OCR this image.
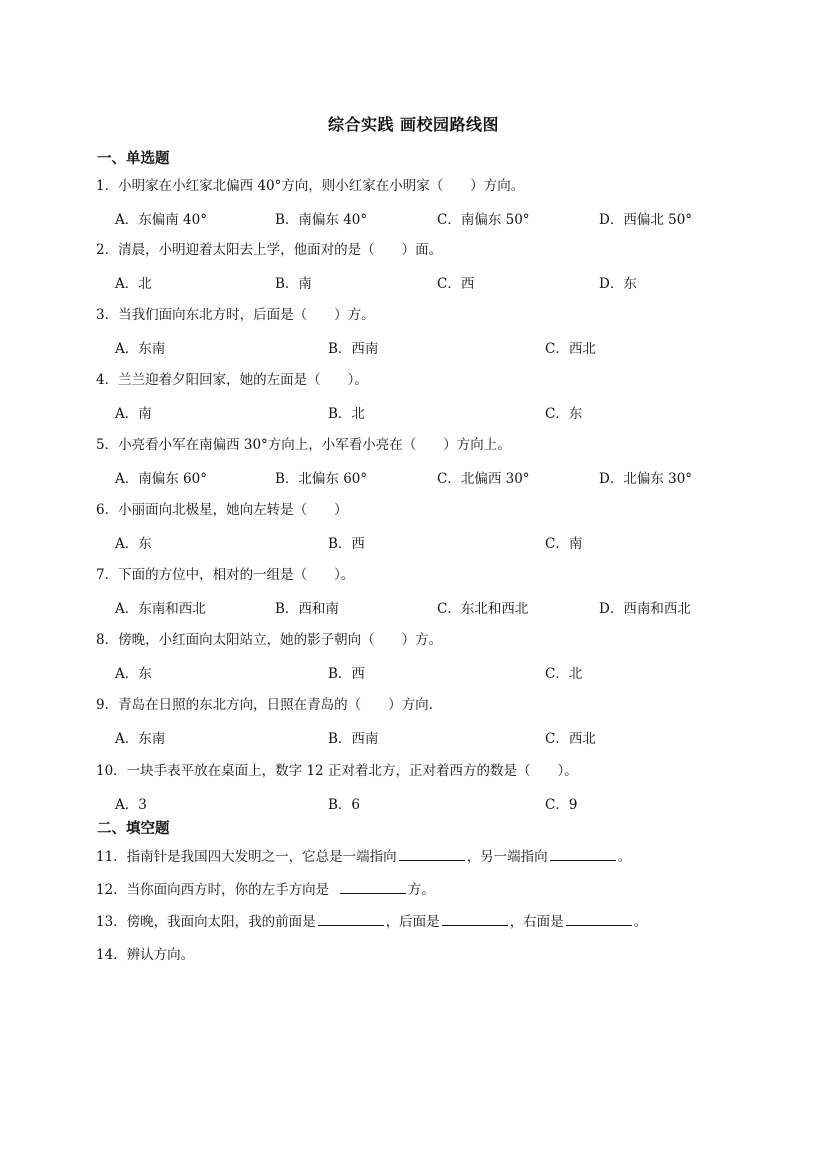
综合实践 画校园路线图
一、单选题
1．小明家在小红家北偏西 40°方向，则小红家在小明家（　　）方向。
A．东偏南 40°	B．南偏东 40°	C．南偏东 50°	D．西偏北 50°
2．清晨，小明迎着太阳去上学，他面对的是（　　）面。
A．北	B．南	C．西	D．东
3．当我们面向东北方时，后面是（　　）方。
A．东南	B．西南	C．西北
4．兰兰迎着夕阳回家，她的左面是（　　）。
A．南	B．北	C．东
5．小亮看小军在南偏西 30°方向上，小军看小亮在（　　）方向上。
A．南偏东 60°	B．北偏东 60°	C．北偏西 30°	D．北偏东 30°
6．小丽面向北极星，她向左转是（　　）
A．东	B．西	C．南
7．下面的方位中，相对的一组是（　　）。
A．东南和西北	B．西和南	C．东北和西北	D．西南和西北
8．傍晚，小红面向太阳站立，她的影子朝向（　　）方。
A．东	B．西	C．北
9．青岛在日照的东北方向，日照在青岛的（　　）方向.
A．东南	B．西南	C．西北
10．一块手表平放在桌面上，数字 12 正对着北方，正对着西方的数是（　　）。
A．3	B．6	C．9
二、填空题
11．指南针是我国四大发明之一，它总是一端指向	，另一端指向	。
12．当你面向西方时，你的左手方向是	方。
13．傍晚，我面向太阳，我的前面是	，后面是	，右面是	。
14．辨认方向。
